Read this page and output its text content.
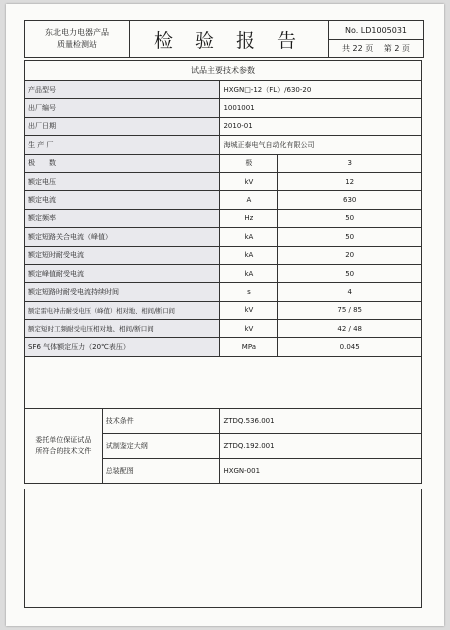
东北电力电器产品
质量检测站	检 验 报 告	No. LD1005031
共 22 页　 第 2 页
试品主要技术参数		
产品型号	HXGN□-12（FL）/630-20	
出厂编号	1001001	
出厂日期	2010-01	
生 产 厂	海城正泰电气自动化有限公司	
极　　数	极	3
额定电压	kV	12
额定电流	A	630
额定频率	Hz	50
额定短路关合电流（峰值）	kA	50
额定短时耐受电流	kA	20
额定峰值耐受电流	kA	50
额定短路时耐受电流持续时间	s	4
额定雷电冲击耐受电压（峰值）相对地、相间/断口间	kV	75 / 85
额定短时工频耐受电压相对地、相间/断口间	kV	42 / 48
SF6 气体额定压力（20℃表压）	MPa	0.045
委托单位保证试品
所符合的技术文件	技术条件	ZTDQ.536.001
	试制鉴定大纲	ZTDQ.192.001
	总装配图	HXGN-001
